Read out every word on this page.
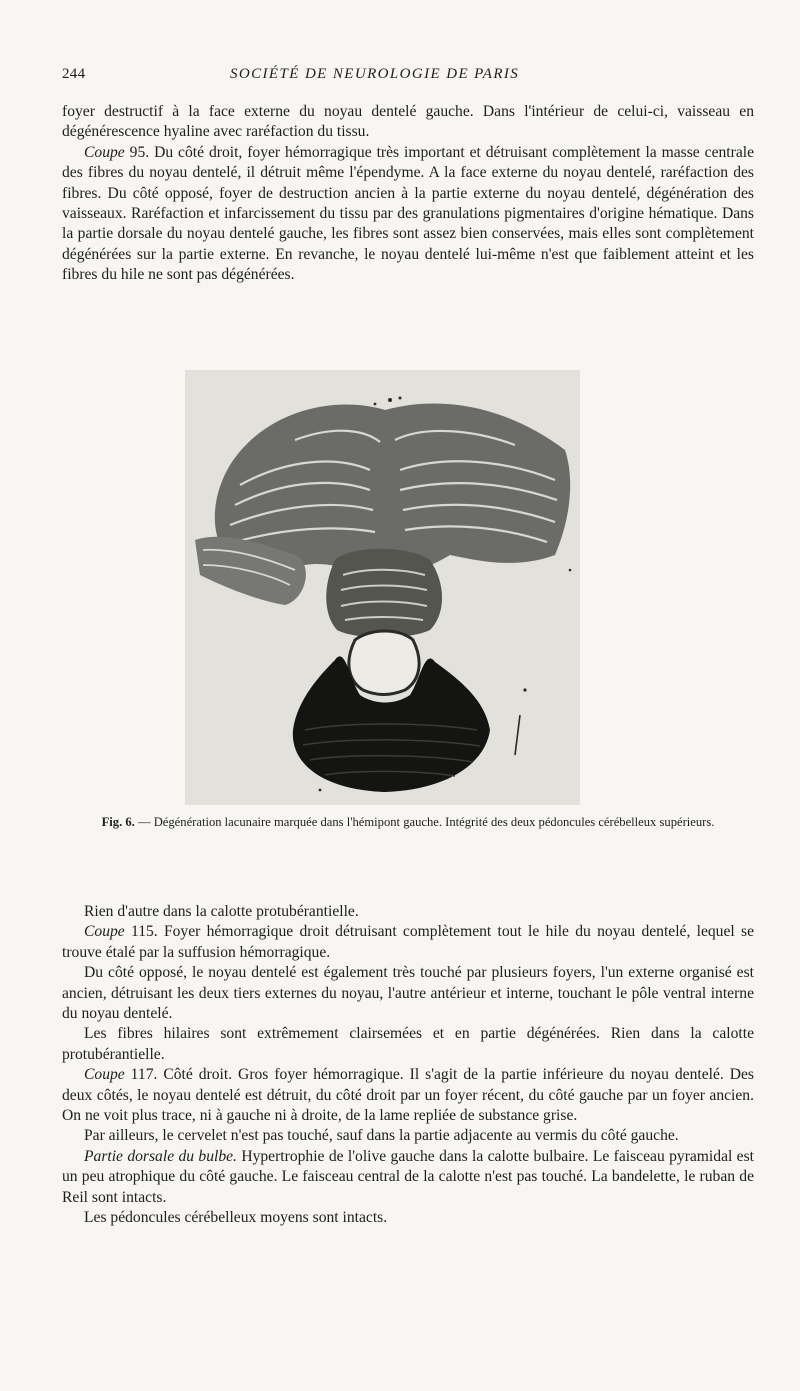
244	SOCIÉTÉ DE NEUROLOGIE DE PARIS

foyer destructif à la face externe du noyau dentelé gauche. Dans l'intérieur de celui-ci, vaisseau en dégénérescence hyaline avec raréfaction du tissu.

Coupe 95. Du côté droit, foyer hémorragique très important et détruisant complètement la masse centrale des fibres du noyau dentelé, il détruit même l'épendyme. A la face externe du noyau dentelé, raréfaction des fibres. Du côté opposé, foyer de destruction ancien à la partie externe du noyau dentelé, dégénération des vaisseaux. Raréfaction et infarcissement du tissu par des granulations pigmentaires d'origine hématique. Dans la partie dorsale du noyau dentelé gauche, les fibres sont assez bien conservées, mais elles sont complètement dégénérées sur la partie externe. En revanche, le noyau dentelé lui-même n'est que faiblement atteint et les fibres du hile ne sont pas dégénérées.

Fig. 6. — Dégénération lacunaire marquée dans l'hémipont gauche. Intégrité des deux pédoncules cérébelleux supérieurs.

Rien d'autre dans la calotte protubérantielle.

Coupe 115. Foyer hémorragique droit détruisant complètement tout le hile du noyau dentelé, lequel se trouve étalé par la suffusion hémorragique.

Du côté opposé, le noyau dentelé est également très touché par plusieurs foyers, l'un externe organisé est ancien, détruisant les deux tiers externes du noyau, l'autre antérieur et interne, touchant le pôle ventral interne du noyau dentelé.

Les fibres hilaires sont extrêmement clairsemées et en partie dégénérées. Rien dans la calotte protubérantielle.

Coupe 117. Côté droit. Gros foyer hémorragique. Il s'agit de la partie inférieure du noyau dentelé. Des deux côtés, le noyau dentelé est détruit, du côté droit par un foyer récent, du côté gauche par un foyer ancien. On ne voit plus trace, ni à gauche ni à droite, de la lame repliée de substance grise.

Par ailleurs, le cervelet n'est pas touché, sauf dans la partie adjacente au vermis du côté gauche.

Partie dorsale du bulbe. Hypertrophie de l'olive gauche dans la calotte bulbaire. Le faisceau pyramidal est un peu atrophique du côté gauche. Le faisceau central de la calotte n'est pas touché. La bandelette, le ruban de Reil sont intacts.

Les pédoncules cérébelleux moyens sont intacts.
